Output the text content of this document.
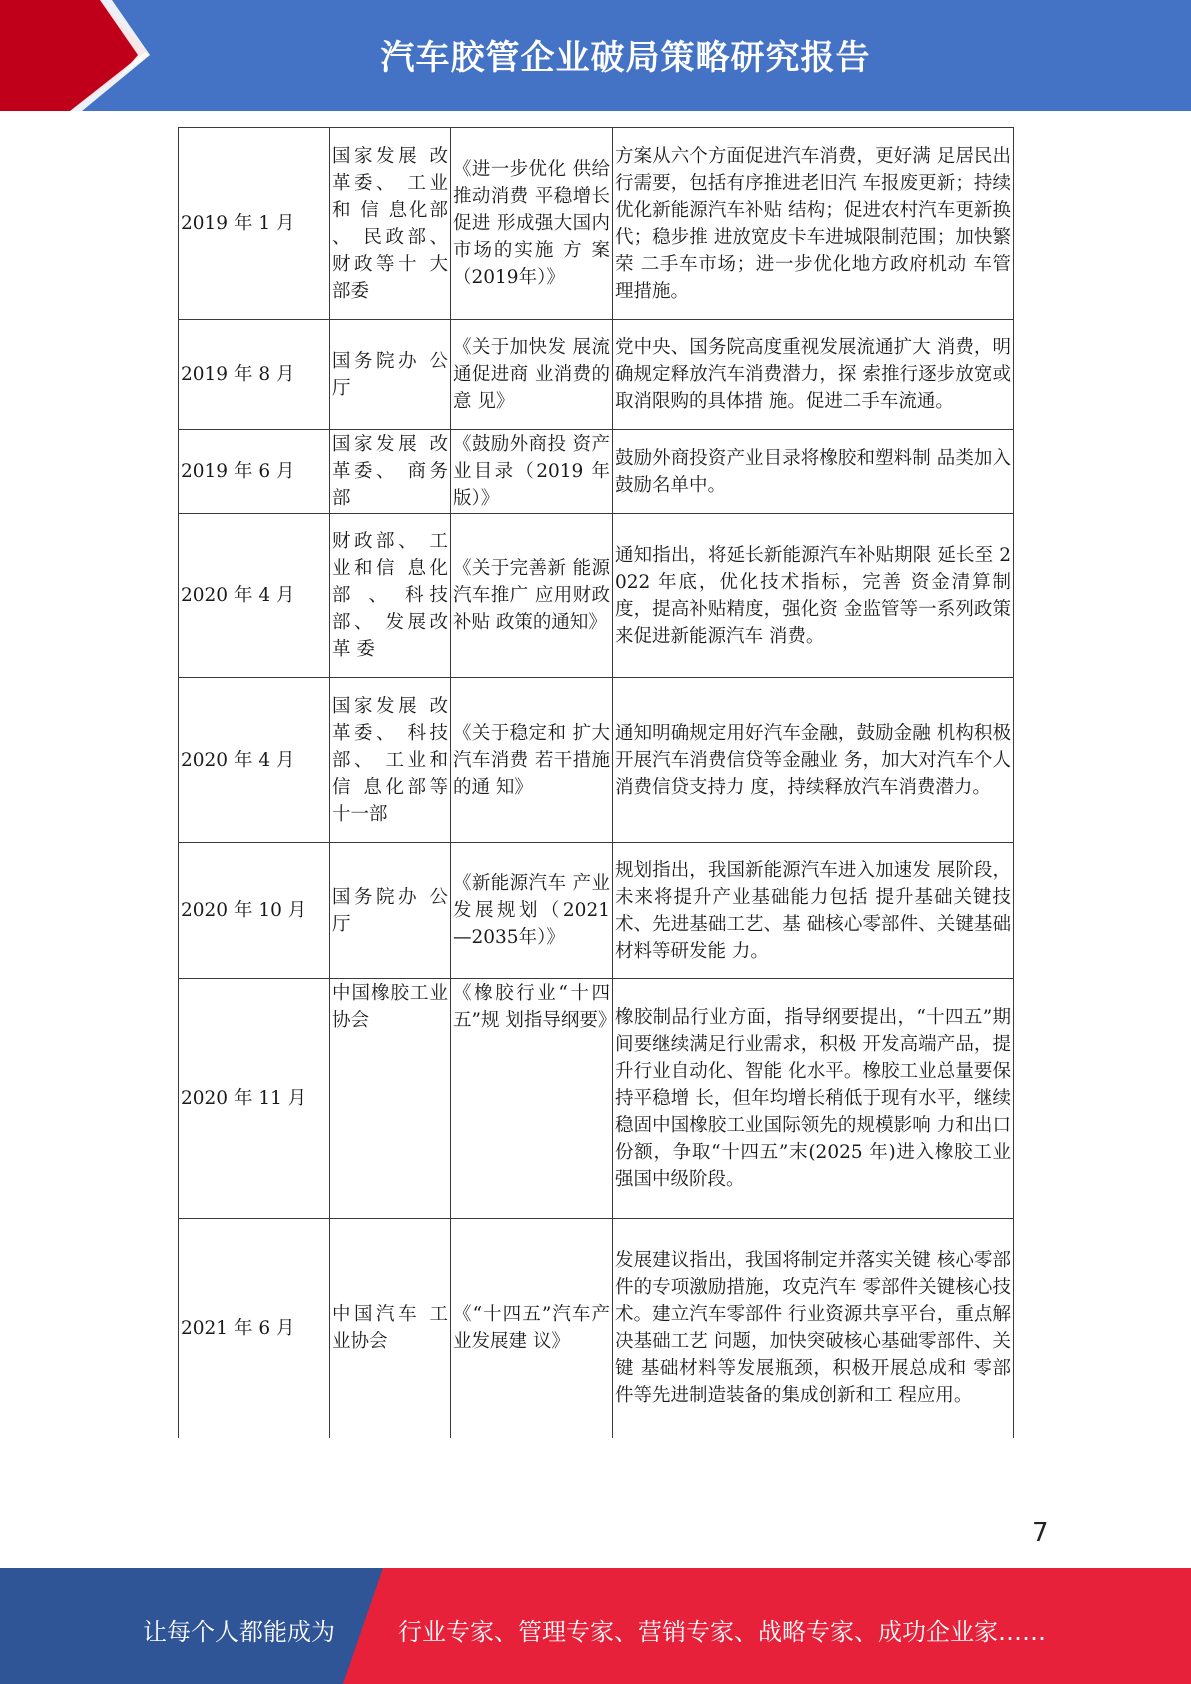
汽车胶管企业破局策略研究报告
2019 年 1 月	国家发展 改革委、 工业和 信 息化部 、 民政部、 财政等十 大部委	《进一步优化 供给推动消费 平稳增长促进 形成强大国内 市场的实施 方 案（2019年）》	方案从六个方面促进汽车消费，更好满 足居民出行需要，包括有序推进老旧汽 车报废更新；持续优化新能源汽车补贴 结构；促进农村汽车更新换代；稳步推 进放宽皮卡车进城限制范围；加快繁荣 二手车市场；进一步优化地方政府机动 车管理措施。
2019 年 8 月	国务院办 公厅	《关于加快发 展流通促进商 业消费的意 见》	党中央、国务院高度重视发展流通扩大 消费，明确规定释放汽车消费潜力，探 索推行逐步放宽或取消限购的具体措 施。促进二手车流通。
2019 年 6 月	国家发展 改革委、 商务部	《鼓励外商投 资产业目录（2019 年版）》	鼓励外商投资产业目录将橡胶和塑料制 品类加入鼓励名单中。
2020 年 4 月	财政部、 工业和信 息化部 、 科技部、 发展改革 委	《关于完善新 能源汽车推广 应用财政补贴 政策的通知》	通知指出，将延长新能源汽车补贴期限 延长至 2022 年底，优化技术指标，完善 资金清算制度，提高补贴精度，强化资 金监管等一系列政策来促进新能源汽车 消费。
2020 年 4 月	国家发展 改革委、 科技部、 工业和信 息化部等十一部	《关于稳定和 扩大汽车消费 若干措施的通 知》	通知明确规定用好汽车金融，鼓励金融 机构积极开展汽车消费信贷等金融业 务，加大对汽车个人消费信贷支持力 度，持续释放汽车消费潜力。
2020 年 10 月	国务院办 公厅	《新能源汽车 产业发展规划（2021—2035年）》	规划指出，我国新能源汽车进入加速发 展阶段，未来将提升产业基础能力包括 提升基础关键技术、先进基础工艺、基 础核心零部件、关键基础材料等研发能 力。
2020 年 11 月	中国橡胶工业协会	《橡胶行业“十四五”规 划指导纲要》	橡胶制品行业方面，指导纲要提出，“十四五”期间要继续满足行业需求，积极 开发高端产品，提升行业自动化、智能 化水平。橡胶工业总量要保持平稳增 长，但年均增长稍低于现有水平，继续 稳固中国橡胶工业国际领先的规模影响 力和出口份额，争取“十四五”末(2025 年)进入橡胶工业强国中级阶段。
2021 年 6 月	中国汽车 工业协会	《“十四五”汽车产业发展建 议》	发展建议指出，我国将制定并落实关键 核心零部件的专项激励措施，攻克汽车 零部件关键核心技术。建立汽车零部件 行业资源共享平台，重点解决基础工艺 问题，加快突破核心基础零部件、关键 基础材料等发展瓶颈，积极开展总成和 零部件等先进制造装备的集成创新和工 程应用。
7
让每个人都能成为	行业专家、管理专家、营销专家、战略专家、成功企业家……
